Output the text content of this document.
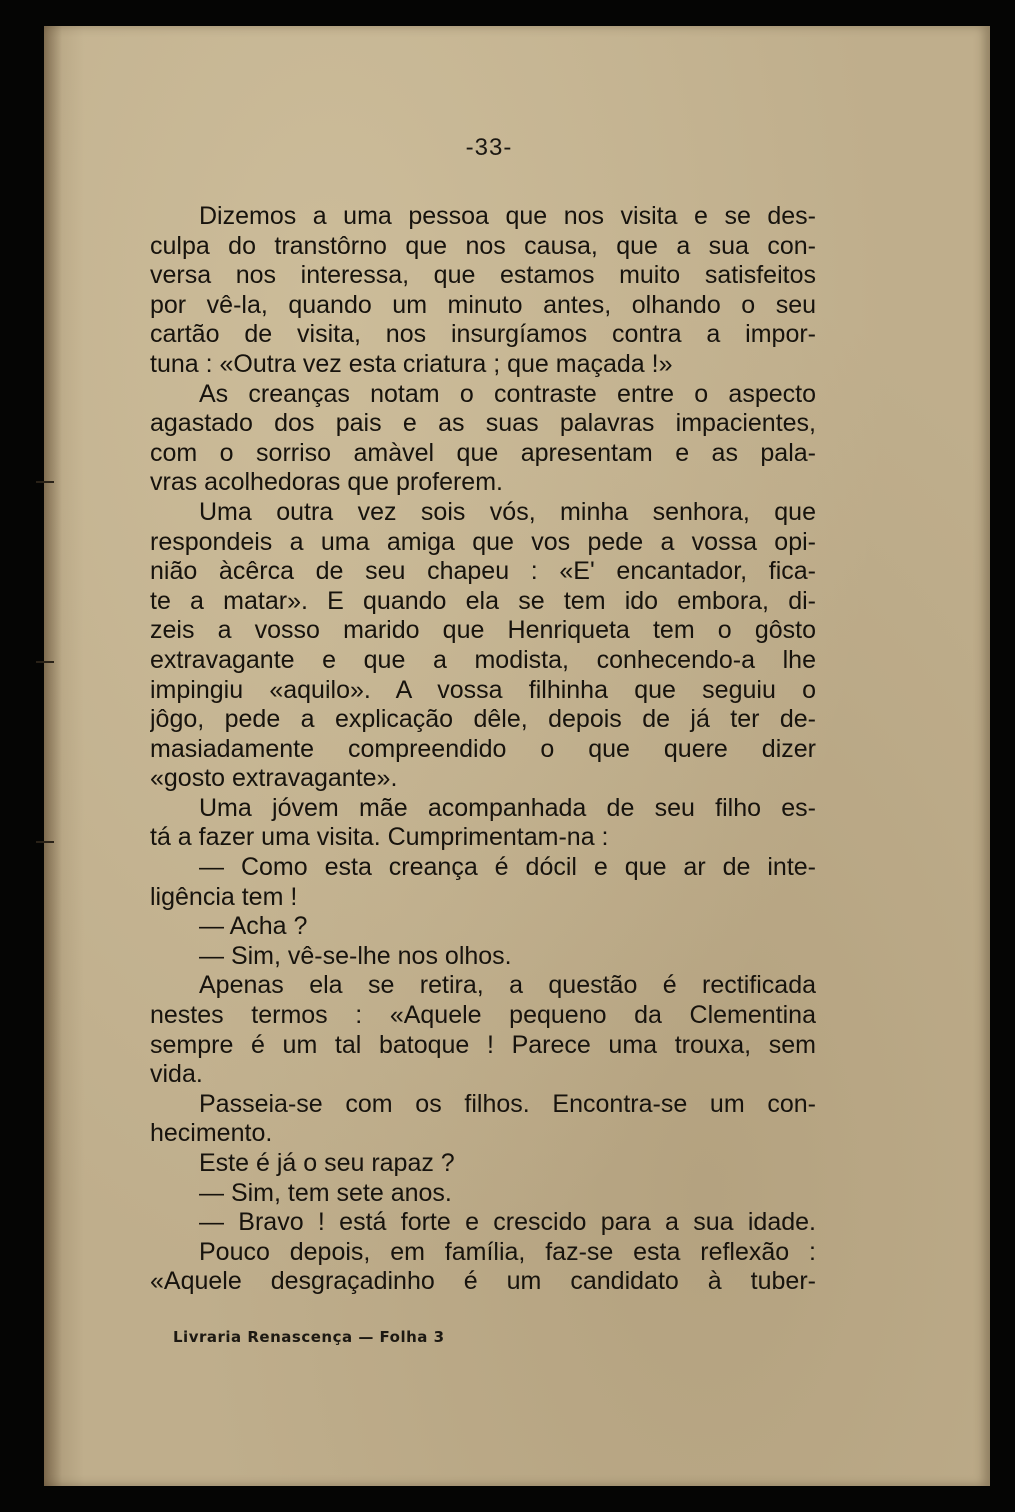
-33-
Dizemos a uma pessoa que nos visita e se des-
culpa do transtôrno que nos causa, que a sua con-
versa nos interessa, que estamos muito satisfeitos
por vê-la, quando um minuto antes, olhando o seu
cartão de visita, nos insurgíamos contra a impor-
tuna : «Outra vez esta criatura ; que maçada !»
As creanças notam o contraste entre o aspecto
agastado dos pais e as suas palavras impacientes,
com o sorriso amàvel que apresentam e as pala-
vras acolhedoras que proferem.
Uma outra vez sois vós, minha senhora, que
respondeis a uma amiga que vos pede a vossa opi-
nião àcêrca de seu chapeu : «E' encantador, fica-
te a matar». E quando ela se tem ido embora, di-
zeis a vosso marido que Henriqueta tem o gôsto
extravagante e que a modista, conhecendo-a lhe
impingiu «aquilo». A vossa filhinha que seguiu o
jôgo, pede a explicação dêle, depois de já ter de-
masiadamente compreendido o que quere dizer
«gosto extravagante».
Uma jóvem mãe acompanhada de seu filho es-
tá a fazer uma visita. Cumprimentam-na :
— Como esta creança é dócil e que ar de inte-
ligência tem !
— Acha ?
— Sim, vê-se-lhe nos olhos.
Apenas ela se retira, a questão é rectificada
nestes termos : «Aquele pequeno da Clementina
sempre é um tal batoque ! Parece uma trouxa, sem
vida.
Passeia-se com os filhos. Encontra-se um con-
hecimento.
Este é já o seu rapaz ?
— Sim, tem sete anos.
— Bravo ! está forte e crescido para a sua idade.
Pouco depois, em família, faz-se esta reflexão :
«Aquele desgraçadinho é um candidato à tuber-
Livraria Renascença — Folha 3
